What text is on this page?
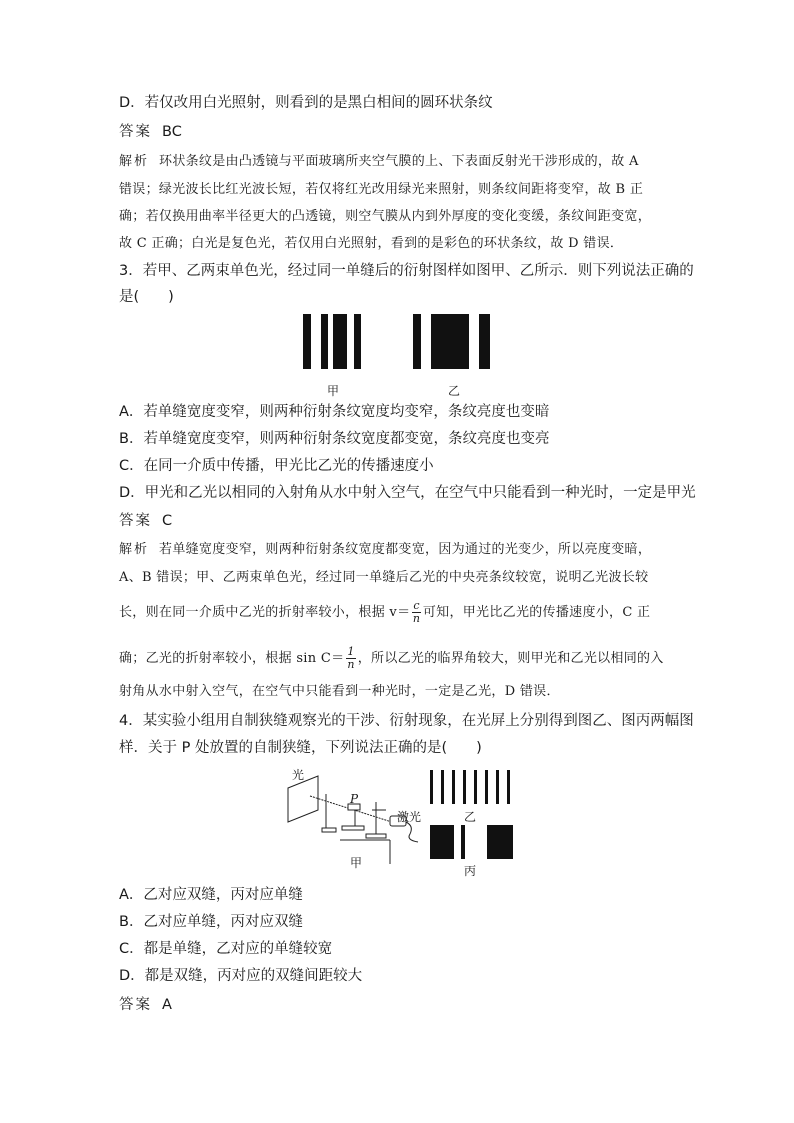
D．若仅改用白光照射，则看到的是黑白相间的圆环状条纹
答案 BC
解析 环状条纹是由凸透镜与平面玻璃所夹空气膜的上、下表面反射光干涉形成的，故 A
错误；绿光波长比红光波长短，若仅将红光改用绿光来照射，则条纹间距将变窄，故 B 正
确；若仅换用曲率半径更大的凸透镜，则空气膜从内到外厚度的变化变缓，条纹间距变宽，
故 C 正确；白光是复色光，若仅用白光照射，看到的是彩色的环状条纹，故 D 错误．
3．若甲、乙两束单色光，经过同一单缝后的衍射图样如图甲、乙所示．则下列说法正确的
是(　　)
甲	乙
A．若单缝宽度变窄，则两种衍射条纹宽度均变窄，条纹亮度也变暗
B．若单缝宽度变窄，则两种衍射条纹宽度都变宽，条纹亮度也变亮
C．在同一介质中传播，甲光比乙光的传播速度小
D．甲光和乙光以相同的入射角从水中射入空气，在空气中只能看到一种光时，一定是甲光
答案 C
解析 若单缝宽度变窄，则两种衍射条纹宽度都变宽，因为通过的光变少，所以亮度变暗，
A、B 错误；甲、乙两束单色光，经过同一单缝后乙光的中央亮条纹较宽，说明乙光波长较
长，则在同一介质中乙光的折射率较小，根据 $v= \frac{c}{n}$ 可知，甲光比乙光的传播速度小，C 正
确；乙光的折射率较小，根据 $\sin C= \frac{1}{n}$ ，所以乙光的临界角较大，则甲光和乙光以相同的入
射角从水中射入空气，在空气中只能看到一种光时，一定是乙光，D 错误．
4．某实验小组用自制狭缝观察光的干涉、衍射现象，在光屏上分别得到图乙、图丙两幅图
样．关于 P 处放置的自制狭缝，下列说法正确的是(　　)
光
P
激光
甲
乙
丙
A．乙对应双缝，丙对应单缝
B．乙对应单缝，丙对应双缝
C．都是单缝，乙对应的单缝较宽
D．都是双缝，丙对应的双缝间距较大
答案 A
